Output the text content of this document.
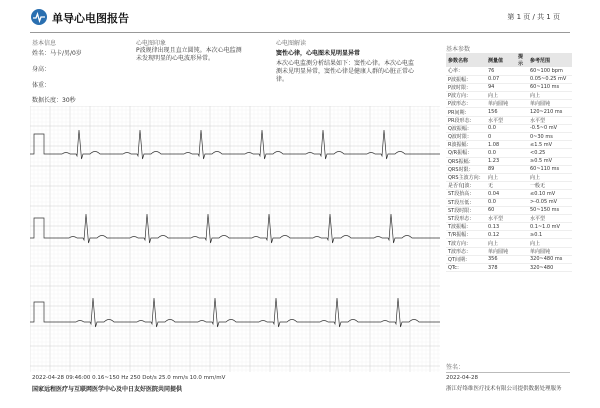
单导心电图报告	第 1 页 / 共 1 页
基本信息
姓名：马卡/男/0岁
身高：
体重：
数据长度：30秒
心电图印象
P波规律出现且直立圆钝。本次心电监测
未发现明显的心电波形异常。
心电图解读
窦性心律，心电图未见明显异常
本次心电监测分析结果如下：窦性心律。本次心电监
测未见明显异常，窦性心律是健康人群的心脏正常心
律。
基本参数
参数名称	测量值	提示	参考范围
心率：	76		60~100 bpm
P波振幅：	0.07		0.05~0.25 mV
P波时限：	94		60~110 ms
P波方向：	向上		向上
P波形态：	单向圆钝		单向圆钝
PR间期：	156		120~210 ms
PR段形态：	水平型		水平型
Q波振幅：	0.0		-0.5~0 mV
Q波时限：	0		0~30 ms
R波振幅：	1.08		≤1.5 mV
Q/R振幅：	0.0		<0.25
QRS振幅：	1.23		≥0.5 mV
QRS时限：	89		60~110 ms
QRS主波方向：	向上		向上
是否有J波：	无		一般无
ST段抬高：	0.04		≤0.10 mV
ST段压低：	0.0		>-0.05 mV
ST段时限：	60		50~150 ms
ST段形态：	水平型		水平型
T波振幅：	0.13		0.1~1.0 mV
T/R振幅：	0.12		≥0.1
T波方向：	向上		向上
T波形态：	单向圆钝		单向圆钝
QT间期：	356		320~480 ms
QTc：	378		320~480
签名：
2022-04-28
2022-04-28 09:46:00 0.16~150 Hz 250 Dot/s 25.0 mm/s 10.0 mm/mV
国家远程医疗与互联网医学中心及中日友好医院共同提供	浙江好络维医疗技术有限公司提供数据处理服务
